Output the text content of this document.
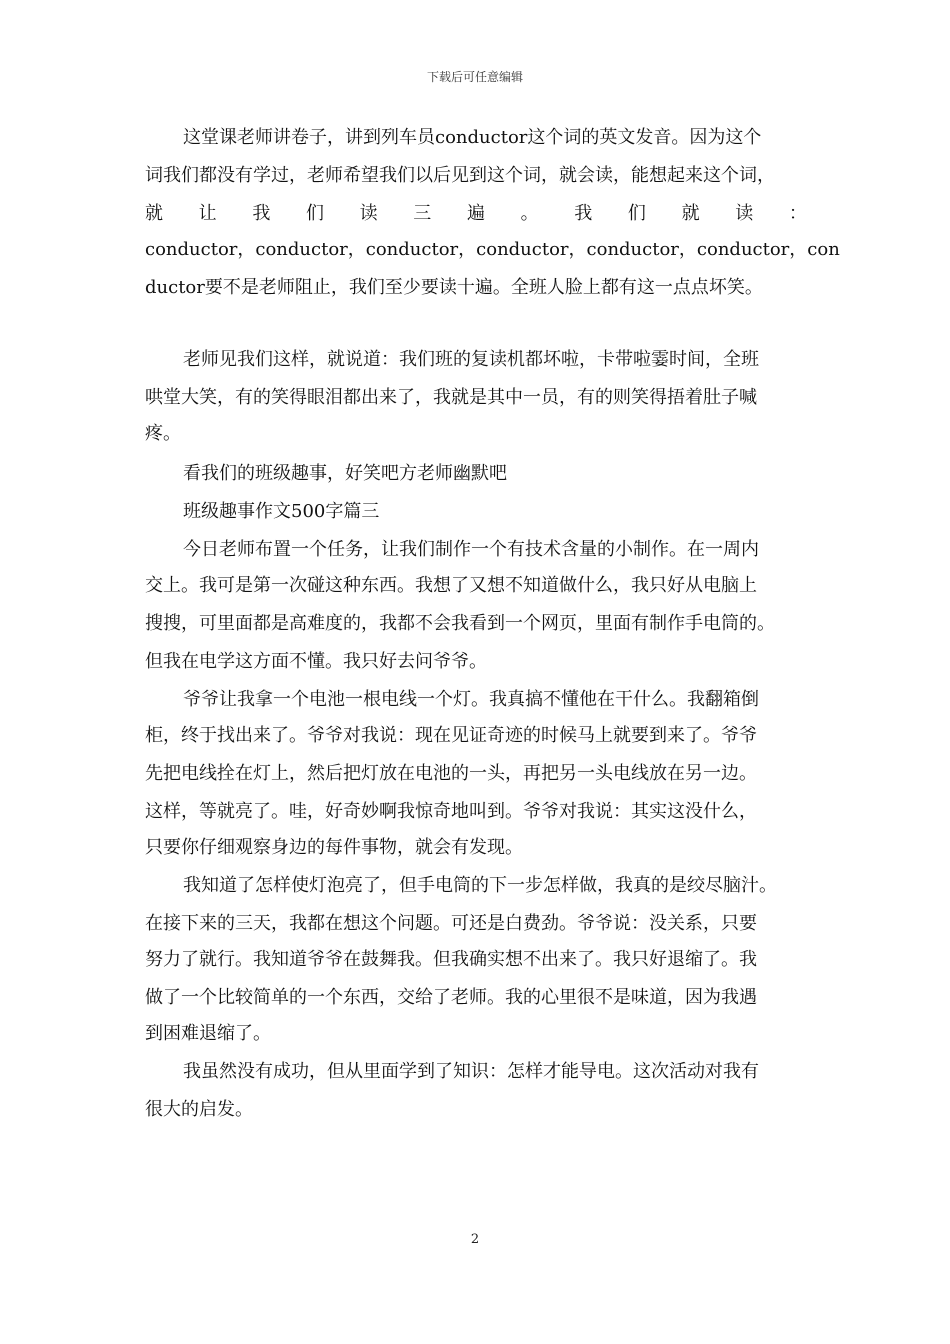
下载后可任意编辑
这堂课老师讲卷子，讲到列车员conductor这个词的英文发音。因为这个
词我们都没有学过，老师希望我们以后见到这个词，就会读，能想起来这个词，
就 让 我 们 读 三 遍 。 我 们 就 读 ：
conductor，conductor，conductor，conductor，conductor，conductor，con
ductor要不是老师阻止，我们至少要读十遍。全班人脸上都有这一点点坏笑。
老师见我们这样，就说道：我们班的复读机都坏啦，卡带啦霎时间，全班
哄堂大笑，有的笑得眼泪都出来了，我就是其中一员，有的则笑得捂着肚子喊
疼。
看我们的班级趣事，好笑吧方老师幽默吧
班级趣事作文500字篇三
今日老师布置一个任务，让我们制作一个有技术含量的小制作。在一周内
交上。我可是第一次碰这种东西。我想了又想不知道做什么，我只好从电脑上
搜搜，可里面都是高难度的，我都不会我看到一个网页，里面有制作手电筒的。
但我在电学这方面不懂。我只好去问爷爷。
爷爷让我拿一个电池一根电线一个灯。我真搞不懂他在干什么。我翻箱倒
柜，终于找出来了。爷爷对我说：现在见证奇迹的时候马上就要到来了。爷爷
先把电线拴在灯上，然后把灯放在电池的一头，再把另一头电线放在另一边。
这样，等就亮了。哇，好奇妙啊我惊奇地叫到。爷爷对我说：其实这没什么，
只要你仔细观察身边的每件事物，就会有发现。
我知道了怎样使灯泡亮了，但手电筒的下一步怎样做，我真的是绞尽脑汁。
在接下来的三天，我都在想这个问题。可还是白费劲。爷爷说：没关系，只要
努力了就行。我知道爷爷在鼓舞我。但我确实想不出来了。我只好退缩了。我
做了一个比较简单的一个东西，交给了老师。我的心里很不是味道，因为我遇
到困难退缩了。
我虽然没有成功，但从里面学到了知识：怎样才能导电。这次活动对我有
很大的启发。
2
